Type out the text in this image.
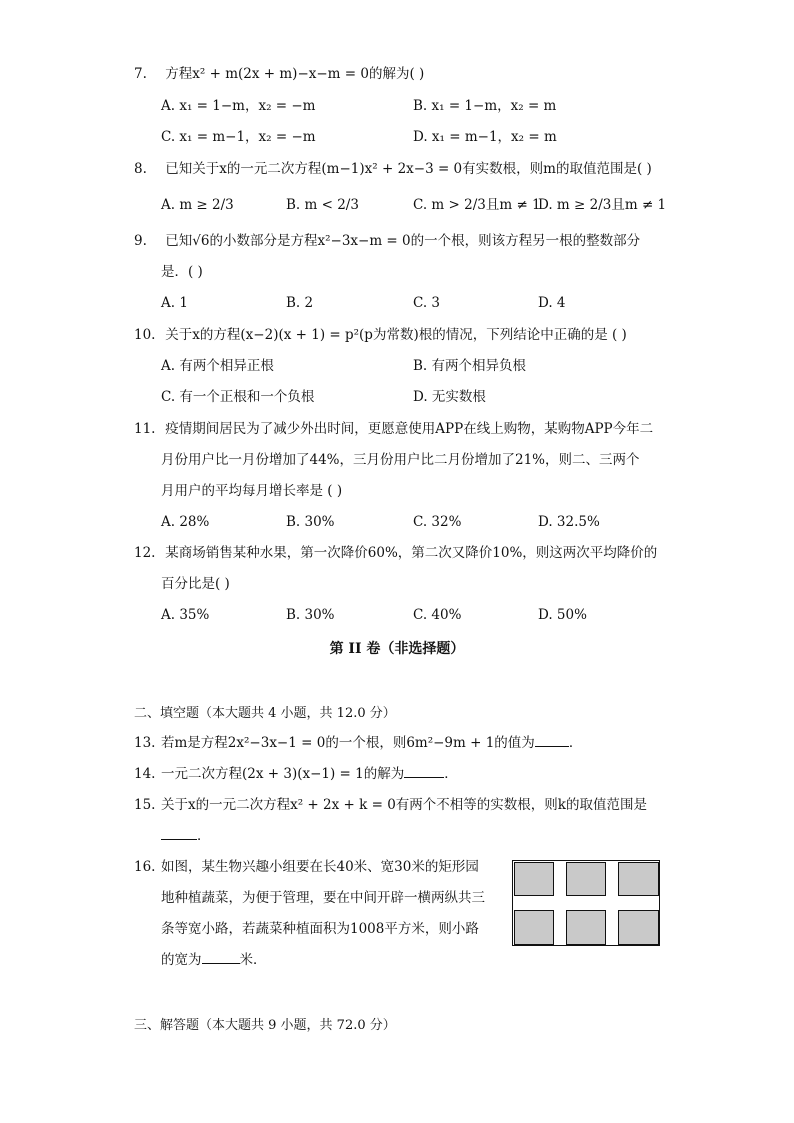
7. 方程x² + m(2x + m)−x−m = 0的解为( )
A. x₁ = 1−m，x₂ = −m	B. x₁ = 1−m，x₂ = m
C. x₁ = m−1，x₂ = −m	D. x₁ = m−1，x₂ = m
8. 已知关于x的一元二次方程(m−1)x² + 2x−3 = 0有实数根，则m的取值范围是( )
A. m ≥ 2/3	B. m < 2/3	C. m > 2/3且m ≠ 1
D. m ≥ 2/3且m ≠ 1
9. 已知√6的小数部分是方程x²−3x−m = 0的一个根，则该方程另一根的整数部分
是．( )
A. 1	B. 2	C. 3	D. 4
10. 关于x的方程(x−2)(x + 1) = p²(p为常数)根的情况，下列结论中正确的是 ( )
A. 有两个相异正根	B. 有两个相异负根
C. 有一个正根和一个负根	D. 无实数根
11. 疫情期间居民为了减少外出时间，更愿意使用APP在线上购物，某购物APP今年二
月份用户比一月份增加了44%，三月份用户比二月份增加了21%，则二、三两个
月用户的平均每月增长率是 ( )
A. 28%	B. 30%	C. 32%	D. 32.5%
12. 某商场销售某种水果，第一次降价60%，第二次又降价10%，则这两次平均降价的
百分比是( )
A. 35%	B. 30%	C. 40%	D. 50%
第 II 卷（非选择题）
二、填空题（本大题共 4 小题，共 12.0 分）
13. 若m是方程2x²−3x−1 = 0的一个根，则6m²−9m + 1的值为	．
14. 一元二次方程(2x + 3)(x−1) = 1的解为	．
15. 关于x的一元二次方程x² + 2x + k = 0有两个不相等的实数根，则k的取值范围是
．
16. 如图，某生物兴趣小组要在长40米、宽30米的矩形园
地种植蔬菜，为便于管理，要在中间开辟一横两纵共三
条等宽小路，若蔬菜种植面积为1008平方米，则小路
的宽为	米．
三、解答题（本大题共 9 小题，共 72.0 分）
